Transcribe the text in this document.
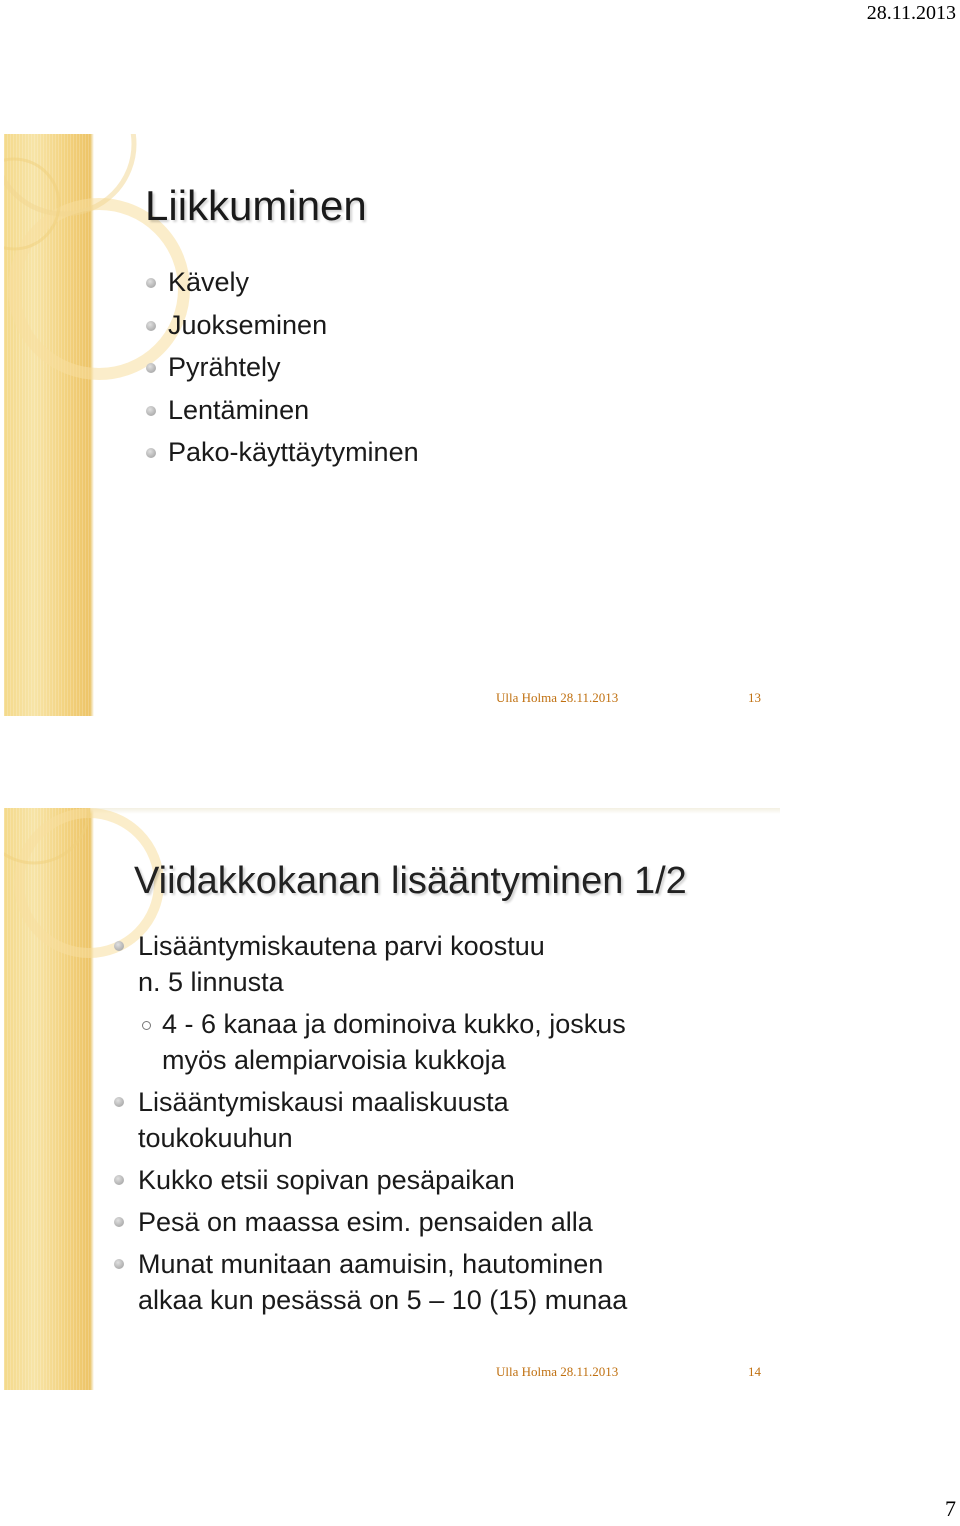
28.11.2013
Liikkuminen
Kävely
Juokseminen
Pyrähtely
Lentäminen
Pako-käyttäytyminen
Ulla Holma 28.11.2013	13
Viidakkokanan lisääntyminen 1/2
Lisääntymiskautena parvi koostuu
n. 5 linnusta
4 - 6 kanaa ja dominoiva kukko, joskus
myös alempiarvoisia kukkoja
Lisääntymiskausi maaliskuusta
toukokuuhun
Kukko etsii sopivan pesäpaikan
Pesä on maassa esim. pensaiden alla
Munat munitaan aamuisin, hautominen
alkaa kun pesässä on 5 – 10 (15) munaa
Ulla Holma 28.11.2013	14
7
